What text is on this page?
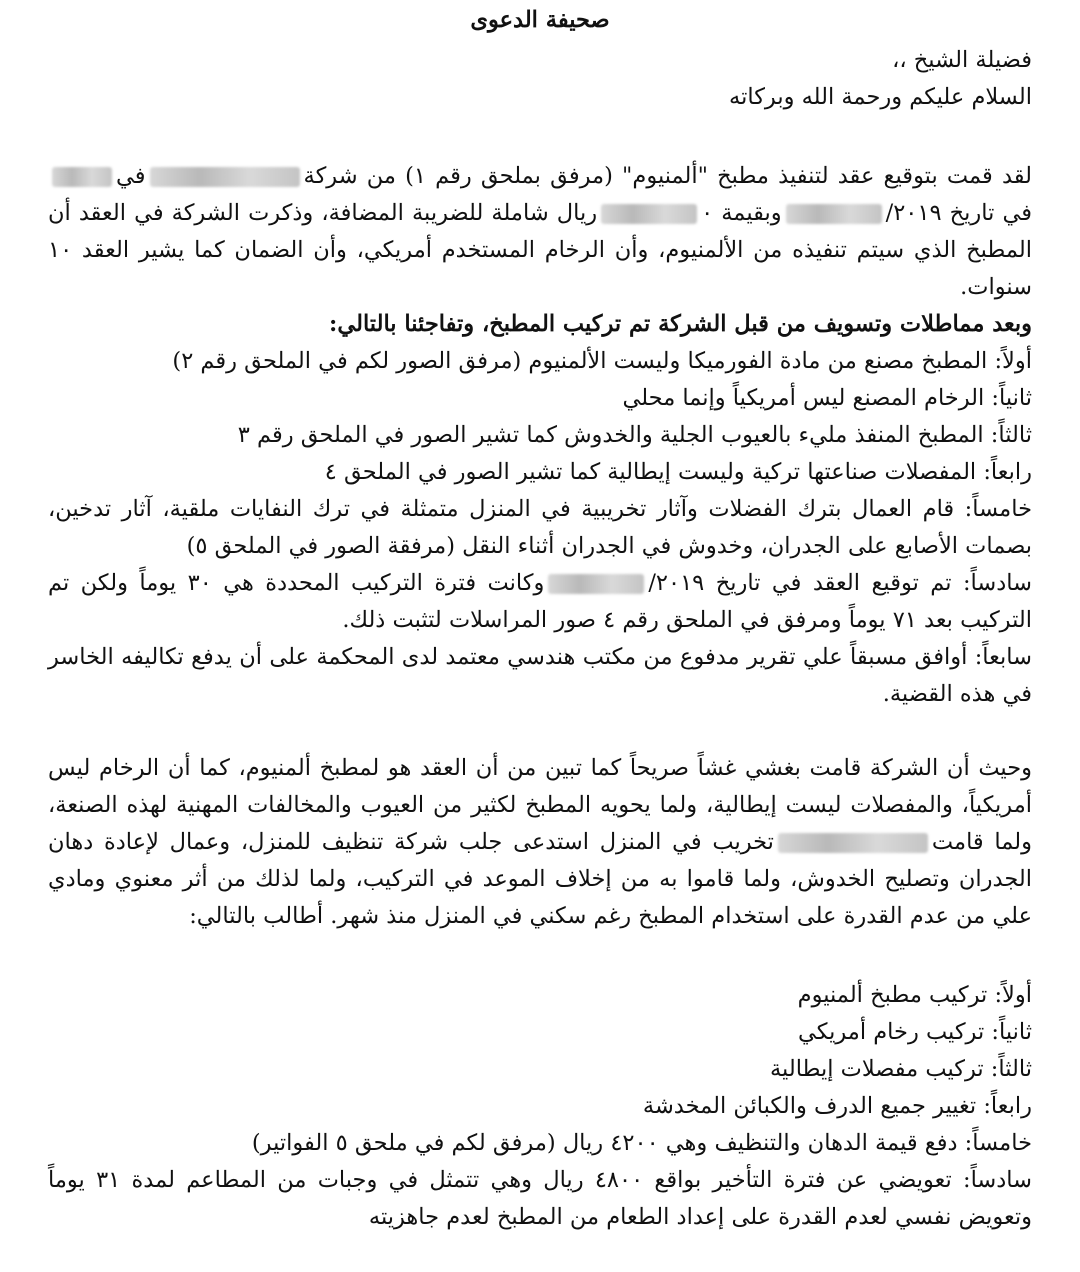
صحيفة الدعوى

فضيلة الشيخ ،،

السلام عليكم ورحمة الله وبركاته

لقد قمت بتوقيع عقد لتنفيذ مطبخ "ألمنيوم" (مرفق بملحق رقم ١) من شركةفيفي تاريخ ٢٠١٩/وبقيمة ٠ريال شاملة للضريبة المضافة، وذكرت الشركة في العقد أن المطبخ الذي سيتم تنفيذه من الألمنيوم، وأن الرخام المستخدم أمريكي، وأن الضمان كما يشير العقد ١٠ سنوات.

وبعد مماطلات وتسويف من قبل الشركة تم تركيب المطبخ، وتفاجئنا بالتالي:

أولاً: المطبخ مصنع من مادة الفورميكا وليست الألمنيوم (مرفق الصور لكم في الملحق رقم ٢)

ثانياً: الرخام المصنع ليس أمريكياً وإنما محلي

ثالثاً: المطبخ المنفذ مليء بالعيوب الجلية والخدوش كما تشير الصور في الملحق رقم ٣

رابعاً: المفصلات صناعتها تركية وليست إيطالية كما تشير الصور في الملحق ٤

خامساً: قام العمال بترك الفضلات وآثار تخريبية في المنزل متمثلة في ترك النفايات ملقية، آثار تدخين، بصمات الأصابع على الجدران، وخدوش في الجدران أثناء النقل (مرفقة الصور في الملحق ٥)

سادساً: تم توقيع العقد في تاريخ ٢٠١٩/وكانت فترة التركيب المحددة هي ٣٠ يوماً ولكن تم التركيب بعد ٧١ يوماً ومرفق في الملحق رقم ٤ صور المراسلات لتثبت ذلك.

سابعاً: أوافق مسبقاً علي تقرير مدفوع من مكتب هندسي معتمد لدى المحكمة على أن يدفع تكاليفه الخاسر في هذه القضية.

وحيث أن الشركة قامت بغشي غشاً صريحاً كما تبين من أن العقد هو لمطبخ ألمنيوم، كما أن الرخام ليس أمريكياً، والمفصلات ليست إيطالية، ولما يحويه المطبخ لكثير من العيوب والمخالفات المهنية لهذه الصنعة، ولما قامتتخريب في المنزل استدعى جلب شركة تنظيف للمنزل، وعمال لإعادة دهان الجدران وتصليح الخدوش، ولما قاموا به من إخلاف الموعد في التركيب، ولما لذلك من أثر معنوي ومادي علي من عدم القدرة على استخدام المطبخ رغم سكني في المنزل منذ شهر. أطالب بالتالي:

أولاً: تركيب مطبخ ألمنيوم

ثانياً: تركيب رخام أمريكي

ثالثاً: تركيب مفصلات إيطالية

رابعاً: تغيير جميع الدرف والكبائن المخدشة

خامساً: دفع قيمة الدهان والتنظيف وهي ٤٢٠٠ ريال (مرفق لكم في ملحق ٥ الفواتير)

سادساً: تعويضي عن فترة التأخير بواقع ٤٨٠٠ ريال وهي تتمثل في وجبات من المطاعم لمدة ٣١ يوماً وتعويض نفسي لعدم القدرة على إعداد الطعام من المطبخ لعدم جاهزيته
